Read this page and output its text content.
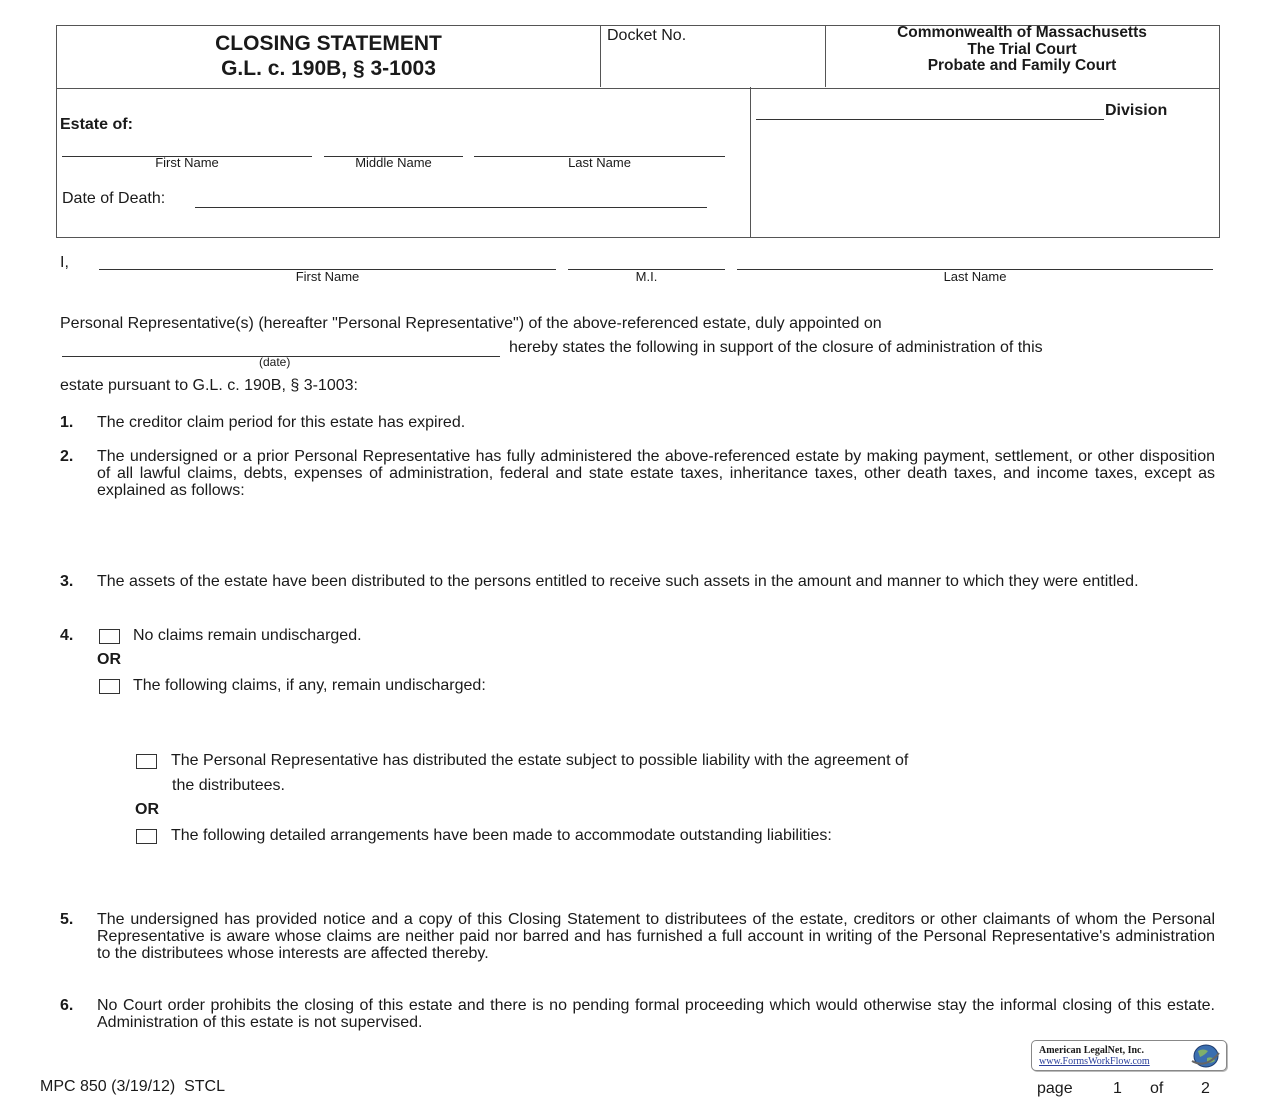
CLOSING STATEMENT
G.L. c. 190B, § 3-1003
Docket No.	Commonwealth of Massachusetts
The Trial Court
Probate and Family Court
Estate of:
First Name	Middle Name	Last Name
Date of Death:
Division
I,
First Name	M.I.	Last Name
Personal Representative(s) (hereafter "Personal Representative") of the above-referenced estate, duly appointed on
(date)
hereby states the following in support of the closure of administration of this
estate pursuant to G.L. c. 190B, § 3-1003:
1. The creditor claim period for this estate has expired.
2. The undersigned or a prior Personal Representative has fully administered the above-referenced estate by making payment, settlement, or other disposition of all lawful claims, debts, expenses of administration, federal and state estate taxes, inheritance taxes, other death taxes, and income taxes, except as explained as follows:
3. The assets of the estate have been distributed to the persons entitled to receive such assets in the amount and manner to which they were entitled.
4.	No claims remain undischarged.
OR
The following claims, if any, remain undischarged:
The Personal Representative has distributed the estate subject to possible liability with the agreement of
the distributees.
OR
The following detailed arrangements have been made to accommodate outstanding liabilities:
5. The undersigned has provided notice and a copy of this Closing Statement to distributees of the estate, creditors or other claimants of whom the Personal Representative is aware whose claims are neither paid nor barred and has furnished a full account in writing of the Personal Representative's administration to the distributees whose interests are affected thereby.
6. No Court order prohibits the closing of this estate and there is no pending formal proceeding which would otherwise stay the informal closing of this estate. Administration of this estate is not supervised.
MPC 850 (3/19/12)  STCL
American LegalNet, Inc.
www.FormsWorkFlow.com
page	1 of 2
